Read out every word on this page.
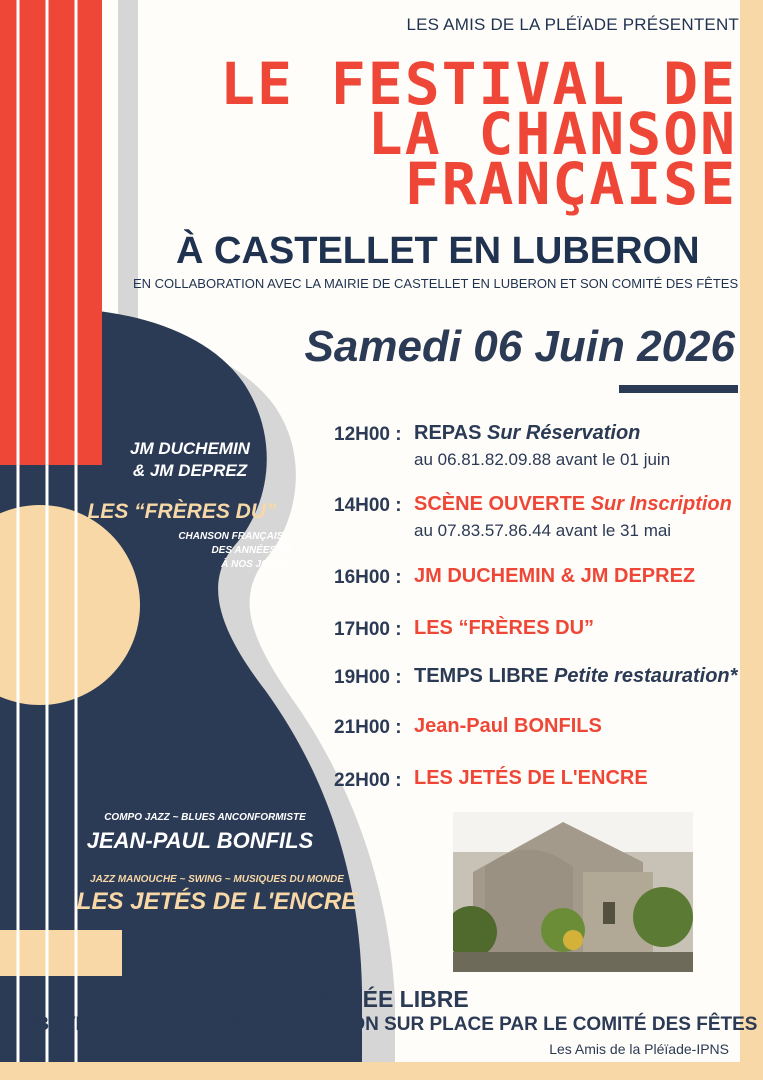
LES AMIS DE LA PLÉÏADE PRÉSENTENT

LE FESTIVAL DE

LA CHANSON

FRANÇAISE

À CASTELLET EN LUBERON

EN COLLABORATION AVEC LA MAIRIE DE CASTELLET EN LUBERON ET SON COMITÉ DES FÊTES

Samedi 06 Juin 2026

12H00 : REPAS Sur Réservation
au 06.81.82.09.88 avant le 01 juin
14H00 : SCÈNE OUVERTE Sur Inscription
au 07.83.57.86.44 avant le 31 mai
16H00 : JM DUCHEMIN & JM DEPREZ
17H00 : LES “FRÈRES DU”
19H00 : TEMPS LIBRE Petite restauration*
21H00 : Jean-Paul BONFILS
22H00 : LES JETÉS DE L'ENCRE
JM DUCHEMIN
& JM DEPREZ
LES “FRÈRES DU”
CHANSON FRANÇAISE
DES ANNÉES 50
À NOS JOURS
COMPO JAZZ ~ BLUES ANCONFORMISTE
JEAN-PAUL BONFILS
JAZZ MANOUCHE ~ SWING ~ MUSIQUES DU MONDE
LES JETÉS DE L'ENCRE

ENTRÉE LIBRE

*BUVETTE ET PETITE RESTAURATION SUR PLACE PAR LE COMITÉ DES FÊTES

Les Amis de la Pléïade-IPNS
